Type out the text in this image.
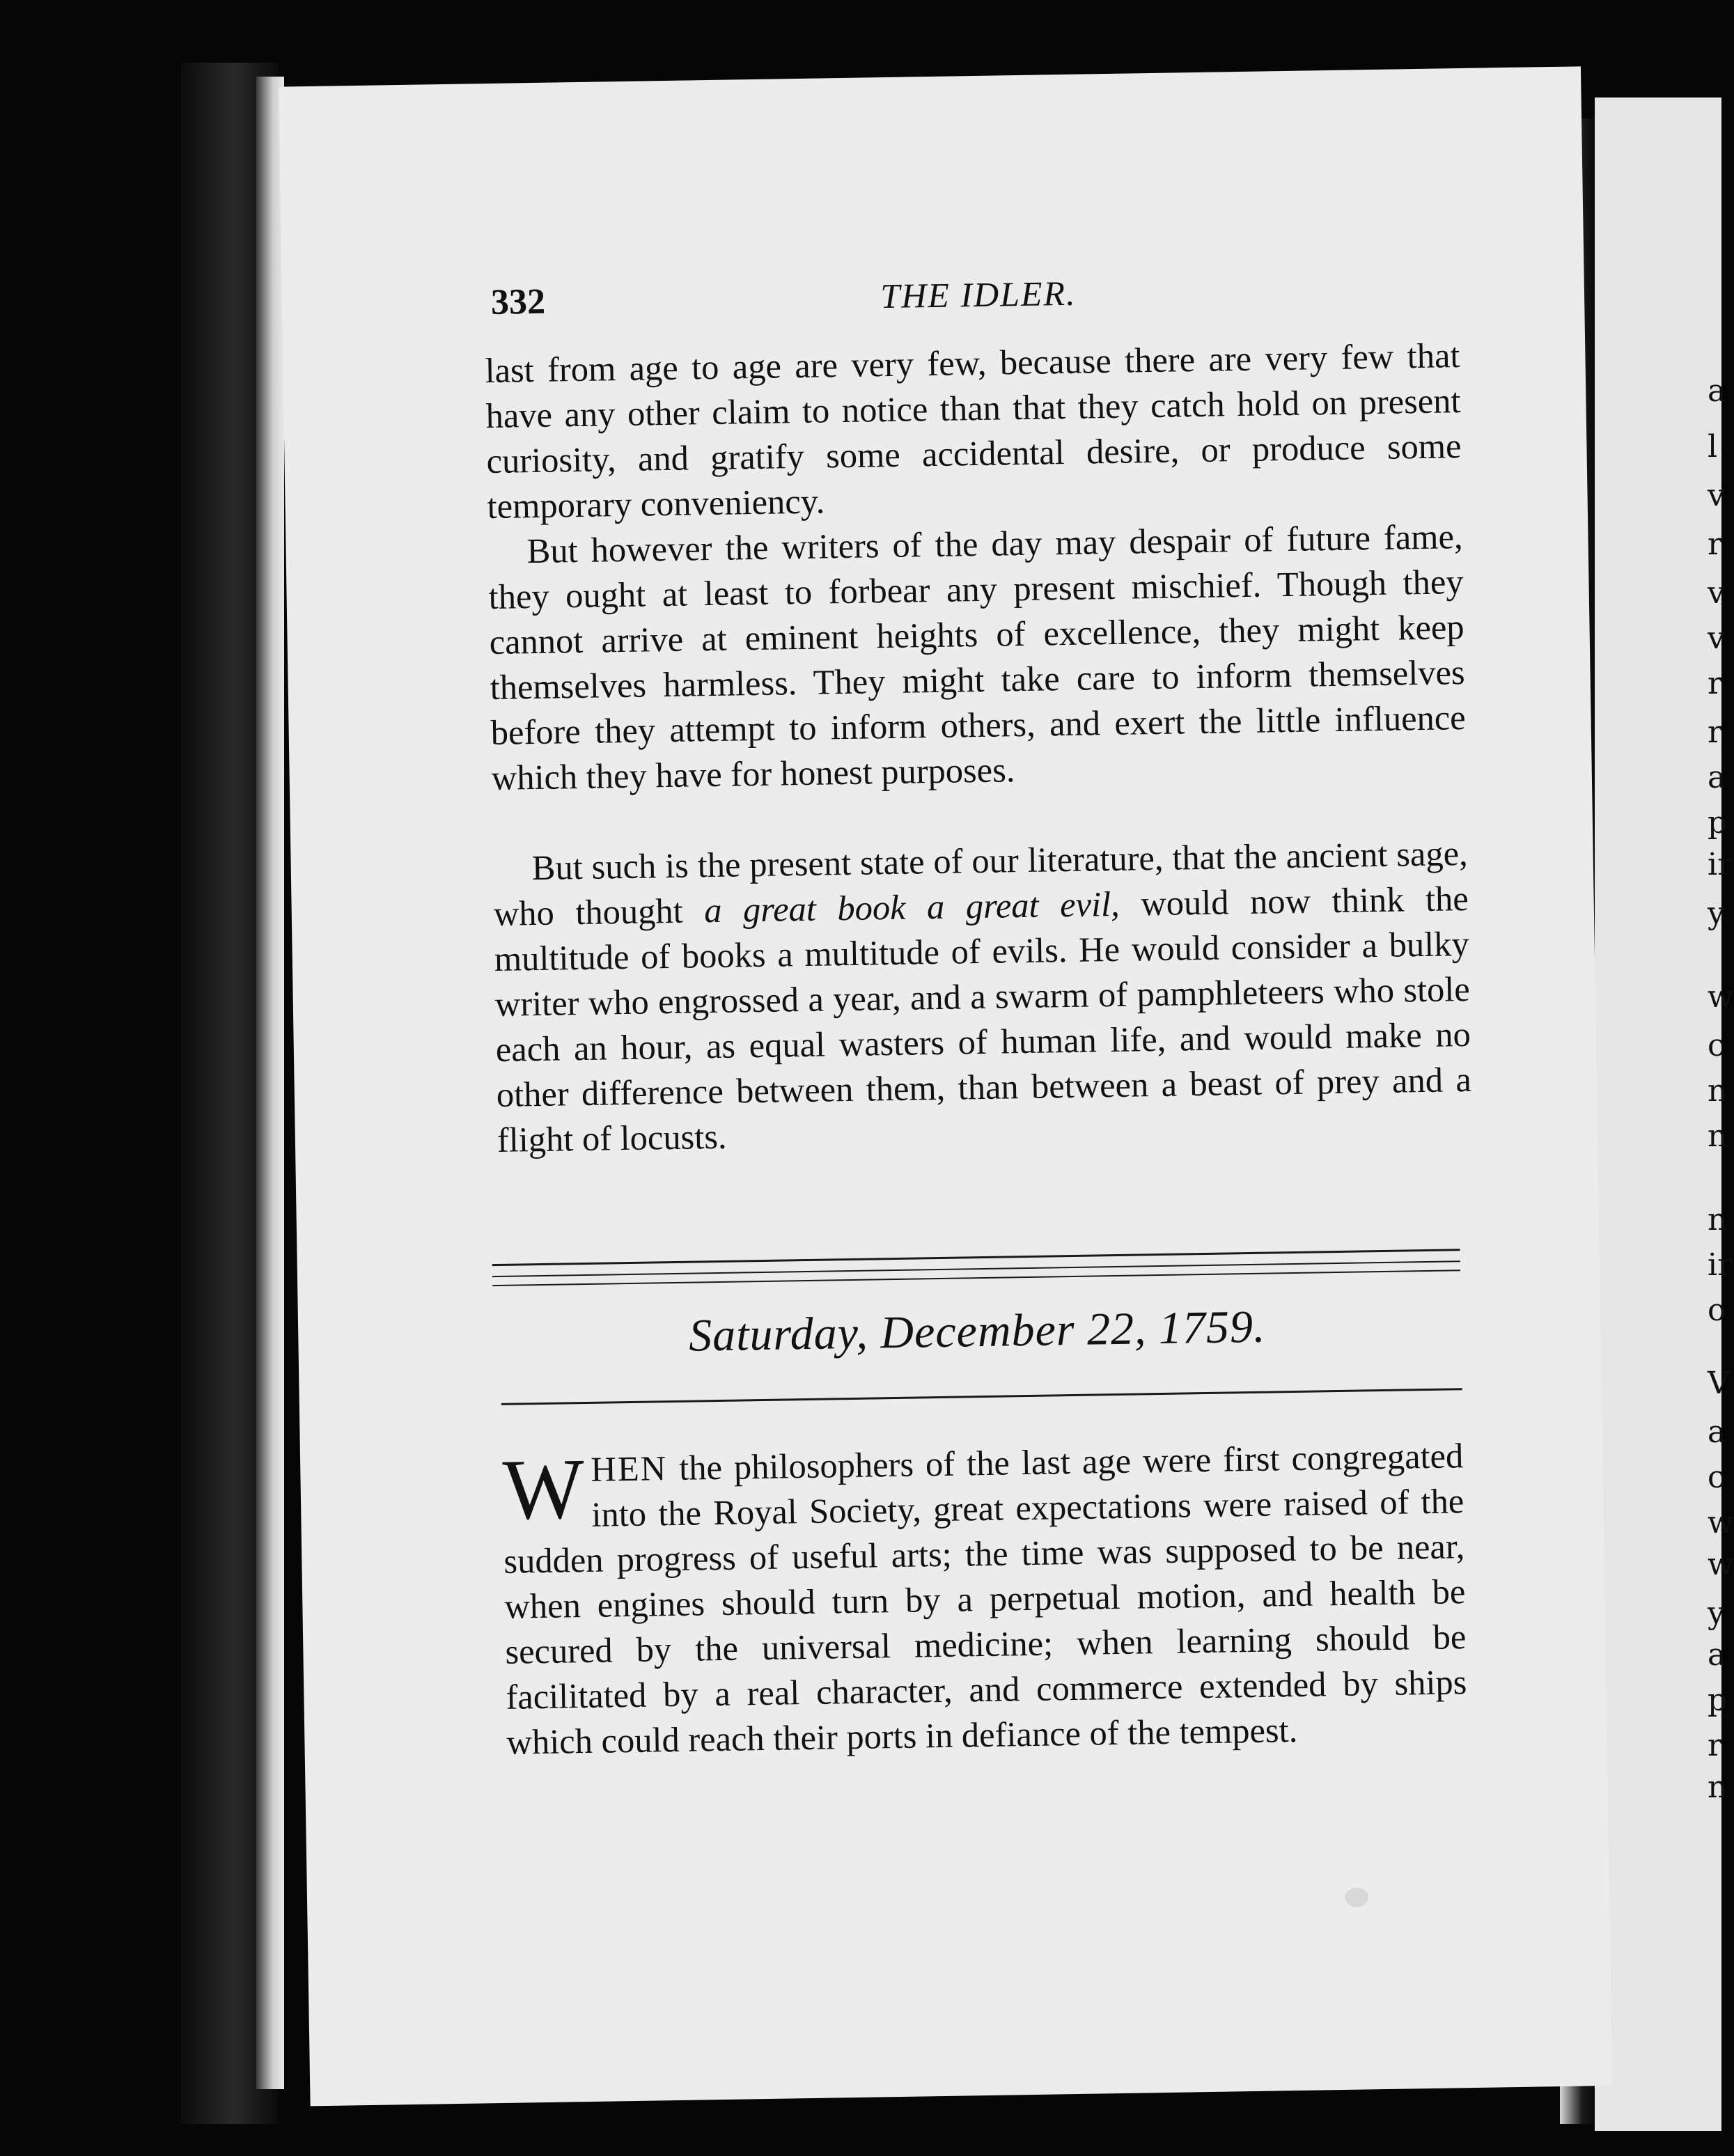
a
l
v
r
v
v
r
r
a
p
ir
y
w
c
n
n
n
ir
o
V
a
c
w
w
y
a
p
r
n
332	THE IDLER.

last from age to age are very few, because there are very few that have any other claim to notice than that they catch hold on present curiosity, and gratify some accidental desire, or produce some temporary conveniency.

But however the writers of the day may despair of future fame, they ought at least to forbear any present mischief. Though they cannot arrive at eminent heights of excellence, they might keep themselves harmless. They might take care to inform themselves before they attempt to inform others, and exert the little influence which they have for honest purposes.

But such is the present state of our literature, that the ancient sage, who thought a great book a great evil, would now think the multitude of books a multitude of evils. He would consider a bulky writer who engrossed a year, and a swarm of pamphleteers who stole each an hour, as equal wasters of human life, and would make no other difference between them, than between a beast of prey and a flight of locusts.

Saturday, December 22, 1759.

WHEN the philosophers of the last age were first congregated into the Royal Society, great expectations were raised of the sudden progress of useful arts; the time was supposed to be near, when engines should turn by a perpetual motion, and health be secured by the universal medicine; when learning should be facilitated by a real character, and commerce extended by ships which could reach their ports in defiance of the tempest.
